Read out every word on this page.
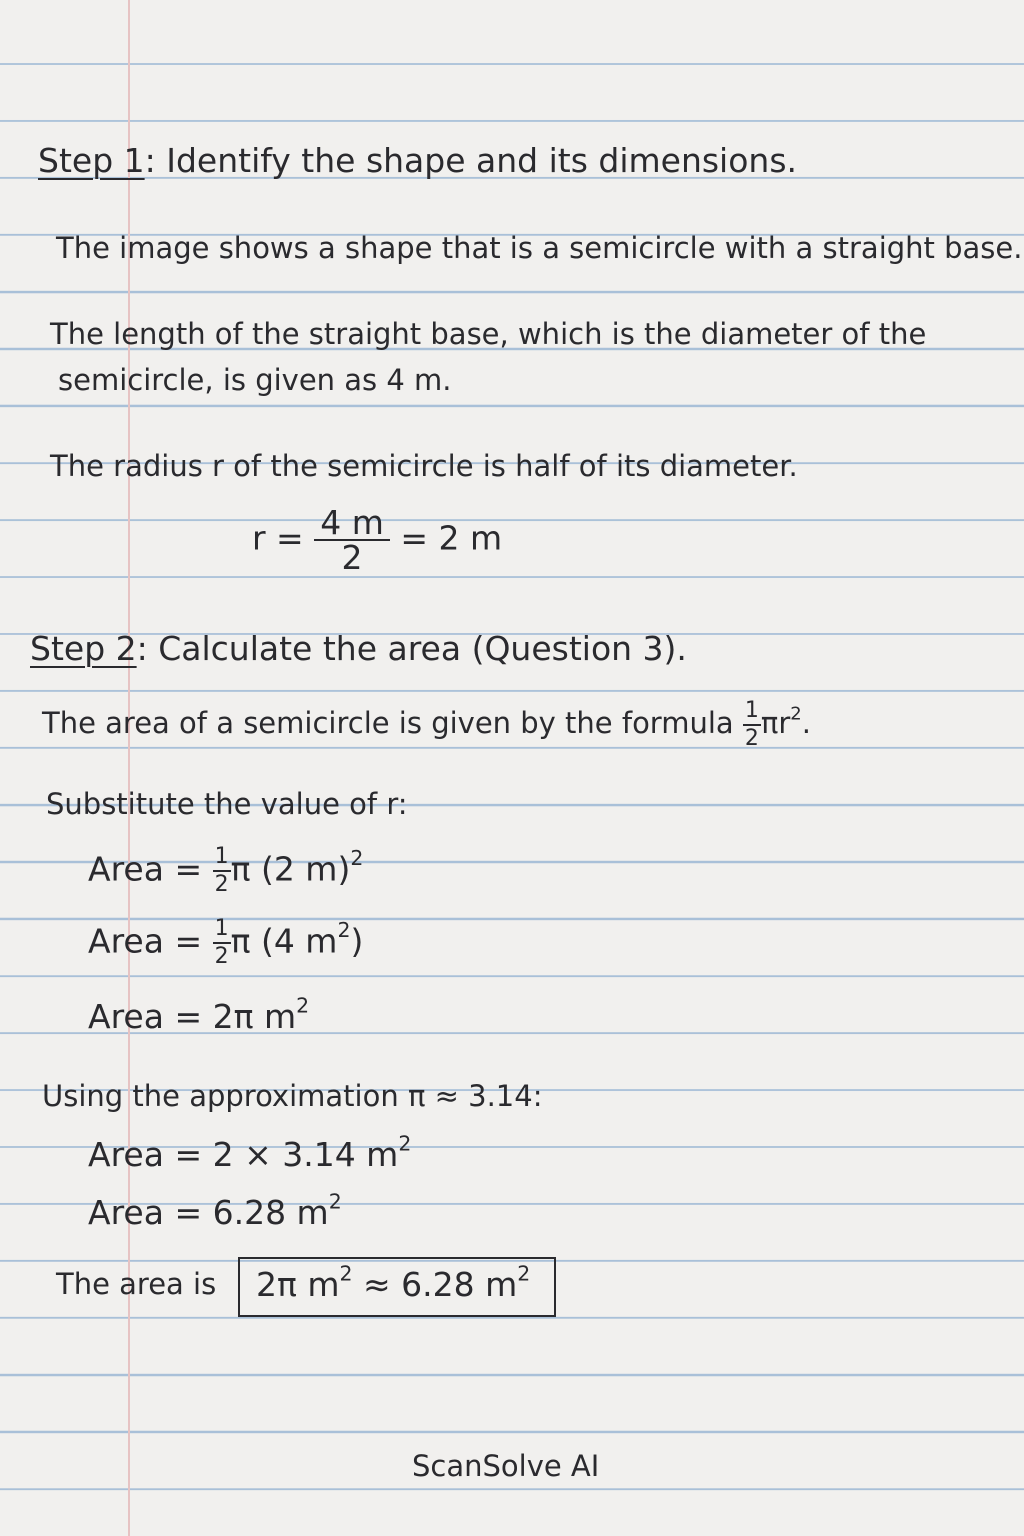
Step 1: Identify the shape and its dimensions.
The image shows a shape that is a semicircle with a straight base.
The length of the straight base, which is the diameter of the
semicircle, is given as 4 m.
The radius r of the semicircle is half of its diameter.
$r = \frac{4 m}{2} = 2$ m
Step 2: Calculate the area (Question 3).
The area of a semicircle is given by the formula $\frac{1}{2} \pi r^2$.
Substitute the value of r:
Area = $\frac{1}{2}$ π (2 m)$^2$
Area = $\frac{1}{2}$ π (4 $m^2$)
Area = 2π $m^2$
Using the approximation π ≈ 3.14:
Area = 2 × 3.14 $m^2$
Area = 6.28 $m^2$
The area is 2π $m^2 \approx 6.28$ $m^2$
ScanSolve AI
